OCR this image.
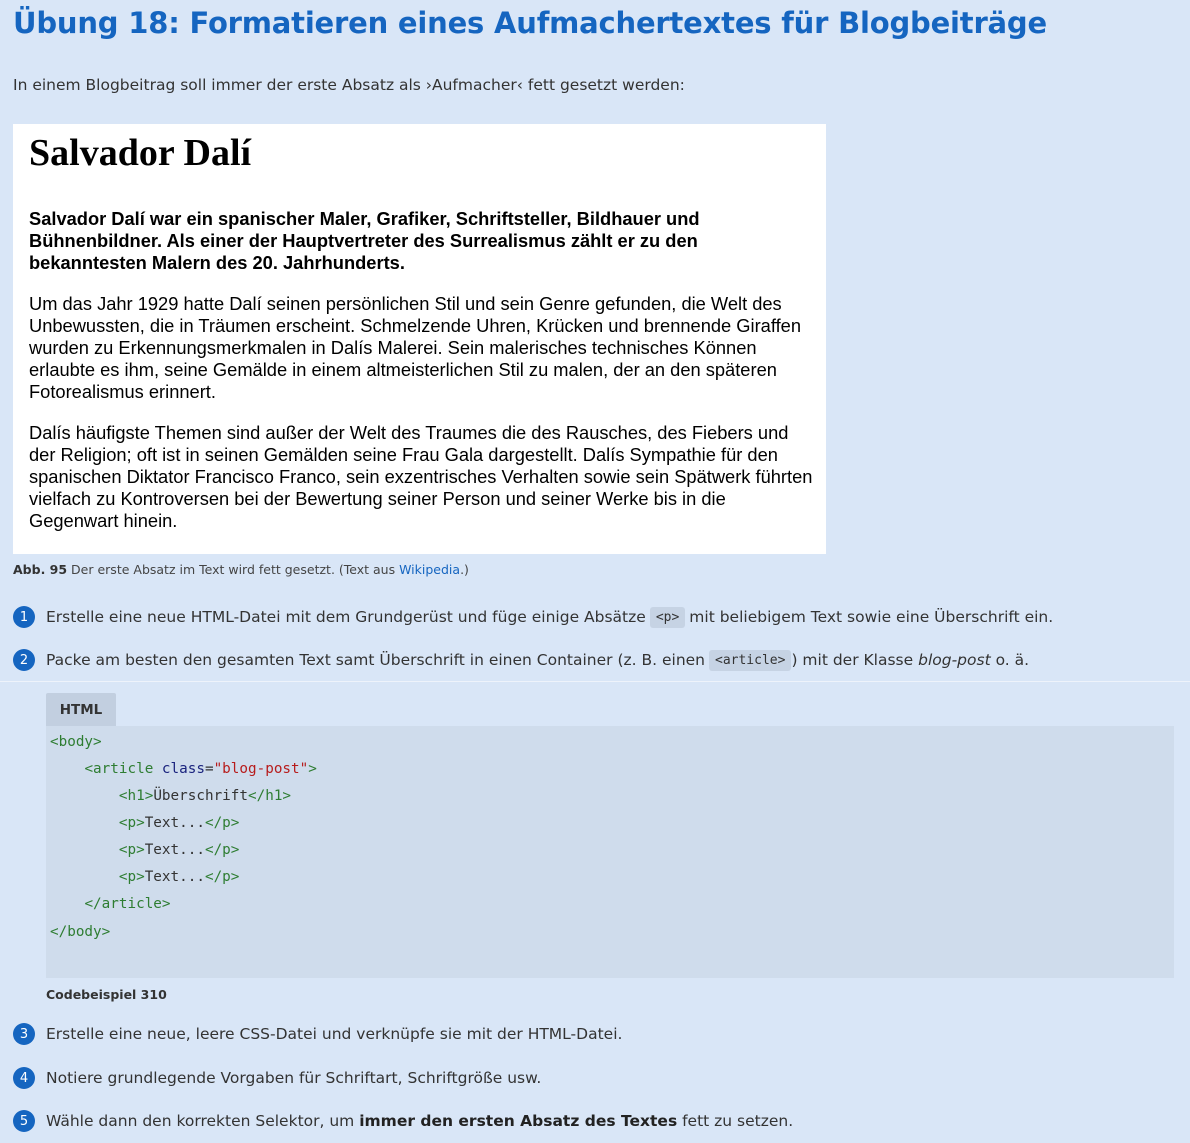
Übung 18: Formatieren eines Aufmachertextes für Blogbeiträge

In einem Blogbeitrag soll immer der erste Absatz als ›Aufmacher‹ fett gesetzt werden:

Salvador Dalí

Salvador Dalí war ein spanischer Maler, Grafiker, Schriftsteller, Bildhauer und Bühnenbildner. Als einer der Hauptvertreter des Surrealismus zählt er zu den bekanntesten Malern des 20. Jahrhunderts.

Um das Jahr 1929 hatte Dalí seinen persönlichen Stil und sein Genre gefunden, die Welt des Unbewussten, die in Träumen erscheint. Schmelzende Uhren, Krücken und brennende Giraffen wurden zu Erkennungsmerkmalen in Dalís Malerei. Sein malerisches technisches Können erlaubte es ihm, seine Gemälde in einem altmeisterlichen Stil zu malen, der an den späteren Fotorealismus erinnert.

Dalís häufigste Themen sind außer der Welt des Traumes die des Rausches, des Fiebers und der Religion; oft ist in seinen Gemälden seine Frau Gala dargestellt. Dalís Sympathie für den spanischen Diktator Francisco Franco, sein exzentrisches Verhalten sowie sein Spätwerk führten vielfach zu Kontroversen bei der Bewertung seiner Person und seiner Werke bis in die Gegenwart hinein.

Abb. 95 Der erste Absatz im Text wird fett gesetzt. (Text aus Wikipedia.)

1	Erstelle eine neue HTML-Datei mit dem Grundgerüst und füge einige Absätze <p> mit beliebigem Text sowie eine Überschrift ein.
2	Packe am besten den gesamten Text samt Überschrift in einen Container (z. B. einen <article> ) mit der Klasse blog-post o. ä.
HTML
<body>
<article class="blog-post">
<h1>Überschrift</h1>
<p>Text...</p>
<p>Text...</p>
<p>Text...</p>
</article>
</body>

Codebeispiel 310

3	Erstelle eine neue, leere CSS-Datei und verknüpfe sie mit der HTML-Datei.
4	Notiere grundlegende Vorgaben für Schriftart, Schriftgröße usw.
5	Wähle dann den korrekten Selektor, um immer den ersten Absatz des Textes fett zu setzen.
